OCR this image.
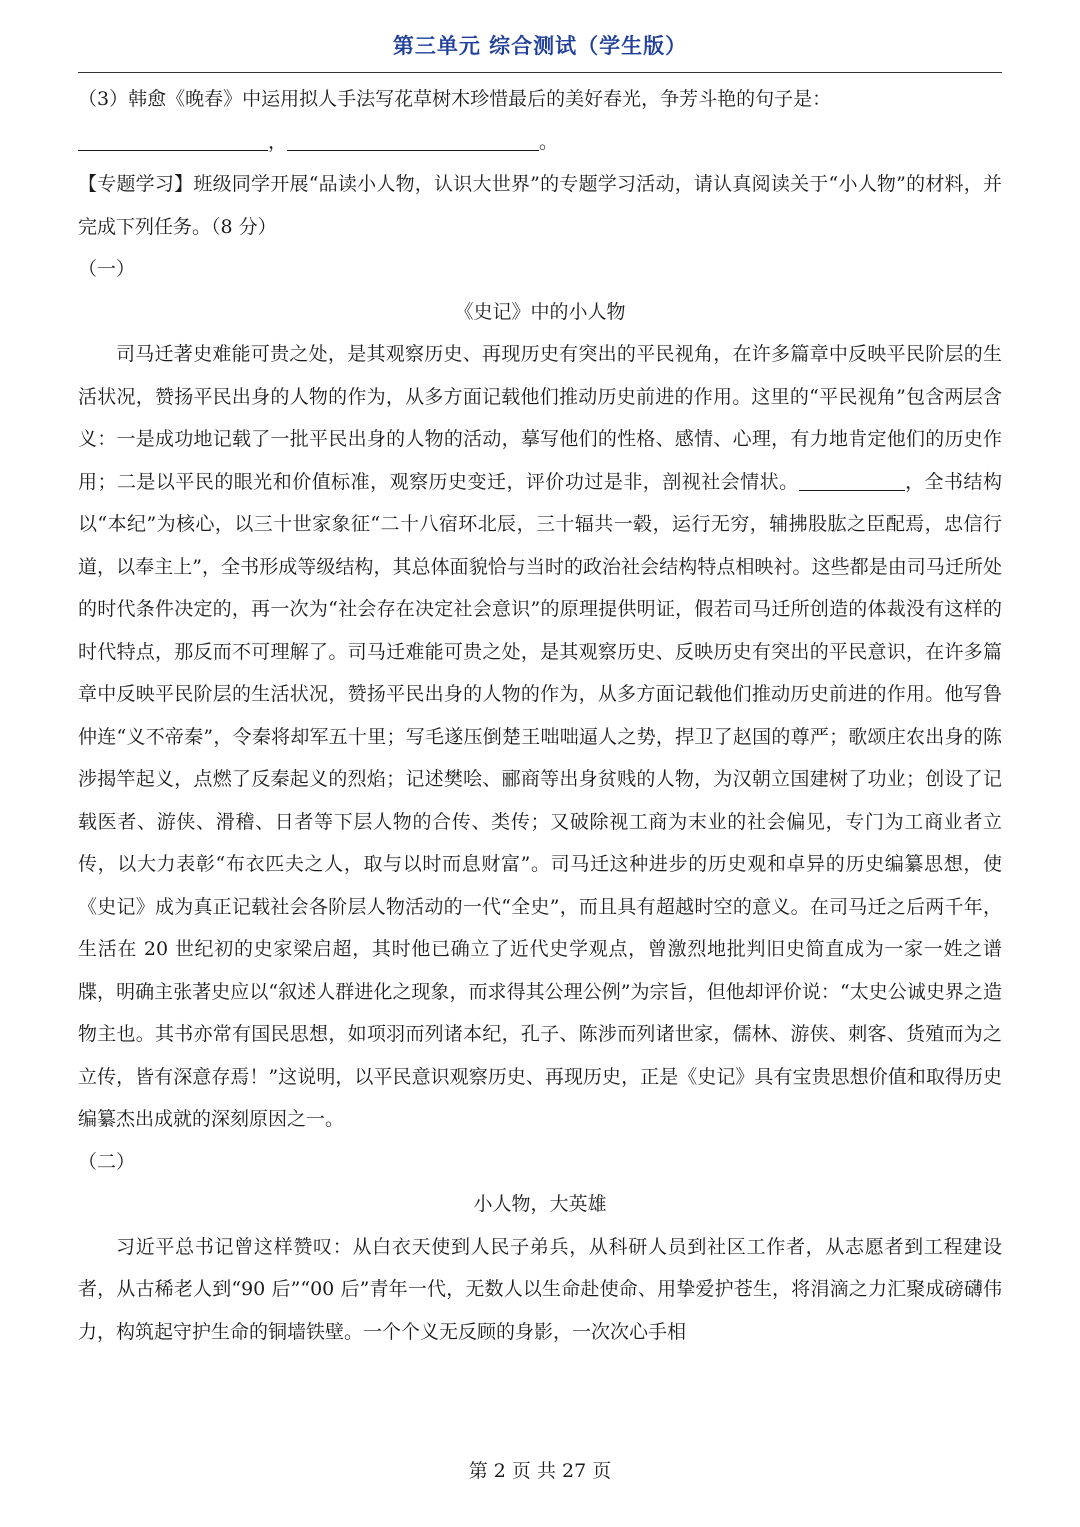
第三单元 综合测试（学生版）

（3）韩愈《晚春》中运用拟人手法写花草树木珍惜最后的美好春光，争芳斗艳的句子是：

，	。

【专题学习】班级同学开展“品读小人物，认识大世界”的专题学习活动，请认真阅读关于“小人物”的材料，并完成下列任务。（8 分）

（一）

《史记》中的小人物

司马迁著史难能可贵之处，是其观察历史、再现历史有突出的平民视角，在许多篇章中反映平民阶层的生活状况，赞扬平民出身的人物的作为，从多方面记载他们推动历史前进的作用。这里的“平民视角”包含两层含义：一是成功地记载了一批平民出身的人物的活动，摹写他们的性格、感情、心理，有力地肯定他们的历史作用；二是以平民的眼光和价值标准，观察历史变迁，评价功过是非，剖视社会情状。	，全书结构以“本纪”为核心，以三十世家象征“二十八宿环北辰，三十辐共一毂，运行无穷，辅拂股肱之臣配焉，忠信行道，以奉主上”，全书形成等级结构，其总体面貌恰与当时的政治社会结构特点相映衬。这些都是由司马迁所处的时代条件决定的，再一次为“社会存在决定社会意识”的原理提供明证，假若司马迁所创造的体裁没有这样的时代特点，那反而不可理解了。司马迁难能可贵之处，是其观察历史、反映历史有突出的平民意识，在许多篇章中反映平民阶层的生活状况，赞扬平民出身的人物的作为，从多方面记载他们推动历史前进的作用。他写鲁仲连“义不帝秦”，令秦将却军五十里；写毛遂压倒楚王咄咄逼人之势，捍卫了赵国的尊严；歌颂庄农出身的陈涉揭竿起义，点燃了反秦起义的烈焰；记述樊哙、郦商等出身贫贱的人物，为汉朝立国建树了功业；创设了记载医者、游侠、滑稽、日者等下层人物的合传、类传；又破除视工商为末业的社会偏见，专门为工商业者立传，以大力表彰“布衣匹夫之人，取与以时而息财富”。司马迁这种进步的历史观和卓异的历史编纂思想，使《史记》成为真正记载社会各阶层人物活动的一代“全史”，而且具有超越时空的意义。在司马迁之后两千年，生活在 20 世纪初的史家梁启超，其时他已确立了近代史学观点，曾激烈地批判旧史简直成为一家一姓之谱牒，明确主张著史应以“叙述人群进化之现象，而求得其公理公例”为宗旨，但他却评价说：“太史公诚史界之造物主也。其书亦常有国民思想，如项羽而列诸本纪，孔子、陈涉而列诸世家，儒林、游侠、刺客、货殖而为之立传，皆有深意存焉！”这说明，以平民意识观察历史、再现历史，正是《史记》具有宝贵思想价值和取得历史编纂杰出成就的深刻原因之一。

（二）

小人物，大英雄

习近平总书记曾这样赞叹：从白衣天使到人民子弟兵，从科研人员到社区工作者，从志愿者到工程建设者，从古稀老人到“90 后”“00 后”青年一代，无数人以生命赴使命、用挚爱护苍生，将涓滴之力汇聚成磅礴伟力，构筑起守护生命的铜墙铁壁。一个个义无反顾的身影，一次次心手相

第 2 页 共 27 页
